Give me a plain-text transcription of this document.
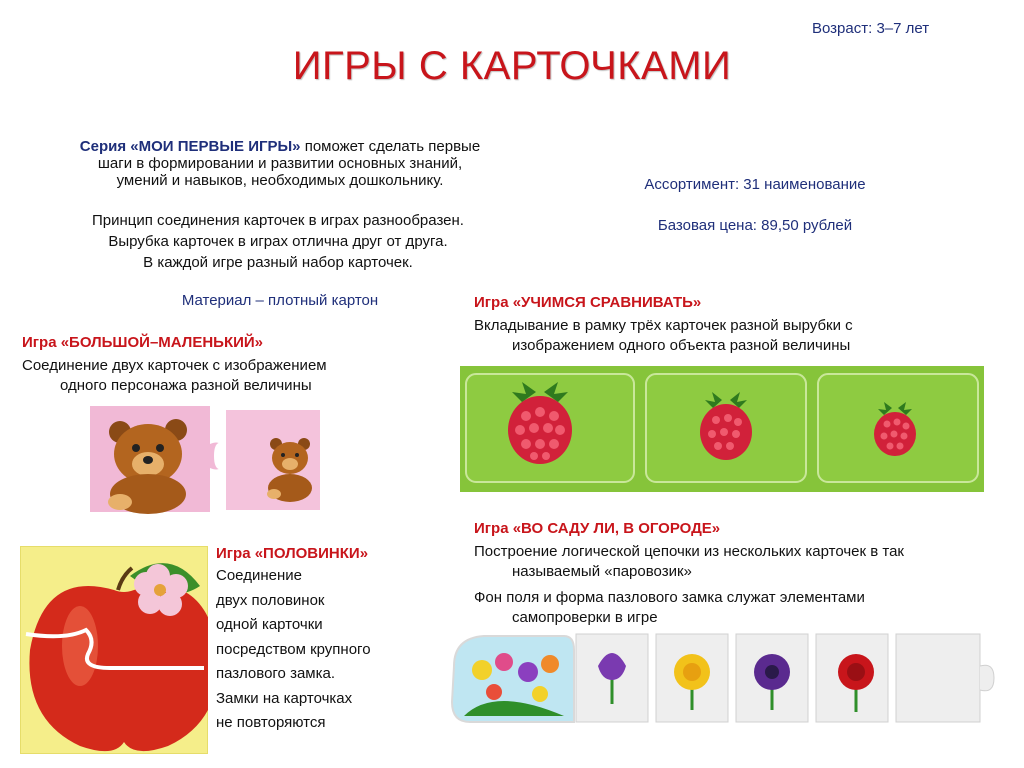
Возраст: 3–7 лет
ИГРЫ С КАРТОЧКАМИ
Серия «МОИ ПЕРВЫЕ ИГРЫ» поможет сделать первые
шаги в формировании и развитии основных знаний,
умений и навыков, необходимых дошкольнику.
Принцип соединения карточек в играх разнообразен.
Вырубка карточек в играх отлична друг от друга.
В каждой игре разный набор карточек.
Материал – плотный картон
Ассортимент: 31 наименование
Базовая цена: 89,50 рублей
Игра «БОЛЬШОЙ–МАЛЕНЬКИЙ»
Соединение двух карточек с изображением
одного персонажа разной величины
Игра «УЧИМСЯ СРАВНИВАТЬ»
Вкладывание в рамку трёх карточек разной вырубки с
изображением одного объекта разной величины
Игра «ПОЛОВИНКИ»
Соединение
двух половинок
одной карточки
посредством крупного
пазлового замка.
Замки на карточках
не повторяются
Игра «ВО САДУ ЛИ, В ОГОРОДЕ»
Построение логической цепочки из нескольких карточек в так
называемый «паровозик»
Фон поля и форма пазлового замка служат элементами
самопроверки в игре
